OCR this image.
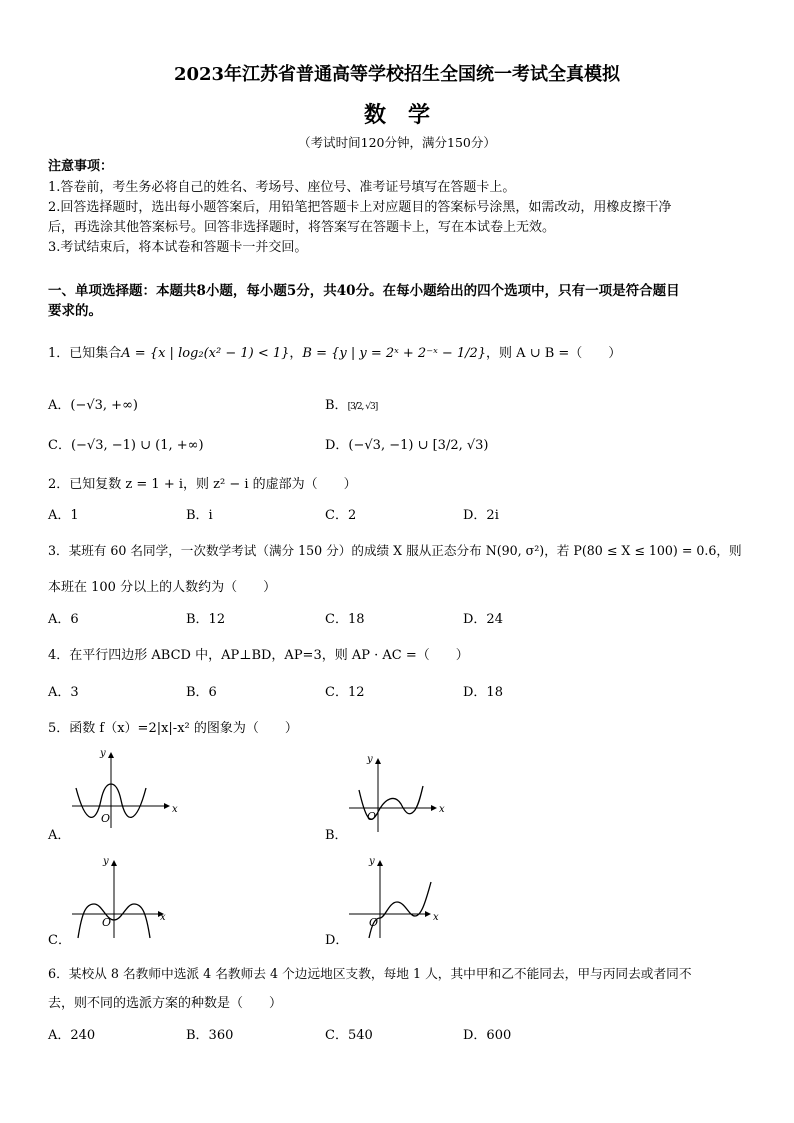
2023年江苏省普通高等学校招生全国统一考试全真模拟
数学
（考试时间120分钟，满分150分）
注意事项：
1.答卷前，考生务必将自己的姓名、考场号、座位号、准考证号填写在答题卡上。
2.回答选择题时，选出每小题答案后，用铅笔把答题卡上对应题目的答案标号涂黑，如需改动，用橡皮擦干净
后，再选涂其他答案标号。回答非选择题时，将答案写在答题卡上，写在本试卷上无效。
3.考试结束后，将本试卷和答题卡一并交回。
一、单项选择题：本题共8小题，每小题5分，共40分。在每小题给出的四个选项中，只有一项是符合题目
要求的。
1．已知集合A = {x | log₂(x² − 1) < 1}，B = {y | y = 2ˣ + 2⁻ˣ − 1/2}，则 A ∪ B =（　　）
A．(−√3, +∞)	B．[3/2, √3]
C．(−√3, −1) ∪ (1, +∞)	D．(−√3, −1) ∪ [3/2, √3)
2．已知复数 z = 1 + i，则 z² − i 的虚部为（　　）
A．1	B．i	C．2	D．2i
3．某班有 60 名同学，一次数学考试（满分 150 分）的成绩 X 服从正态分布 N(90, σ²)，若 P(80 ≤ X ≤ 100) = 0.6，则
本班在 100 分以上的人数约为（　　）
A．6	B．12	C．18	D．24
4．在平行四边形 ABCD 中，AP⊥BD，AP=3，则 AP · AC =（　　）
A．3	B．6	C．12	D．18
5．函数 f（x）=2|x|-x² 的图象为（　　）
A．
y
x
O
B．
y
x
O
C．
y
x
O
D．
y
x
O
6．某校从 8 名教师中选派 4 名教师去 4 个边远地区支教，每地 1 人，其中甲和乙不能同去，甲与丙同去或者同不
去，则不同的选派方案的种数是（　　）
A．240	B．360	C．540	D．600
